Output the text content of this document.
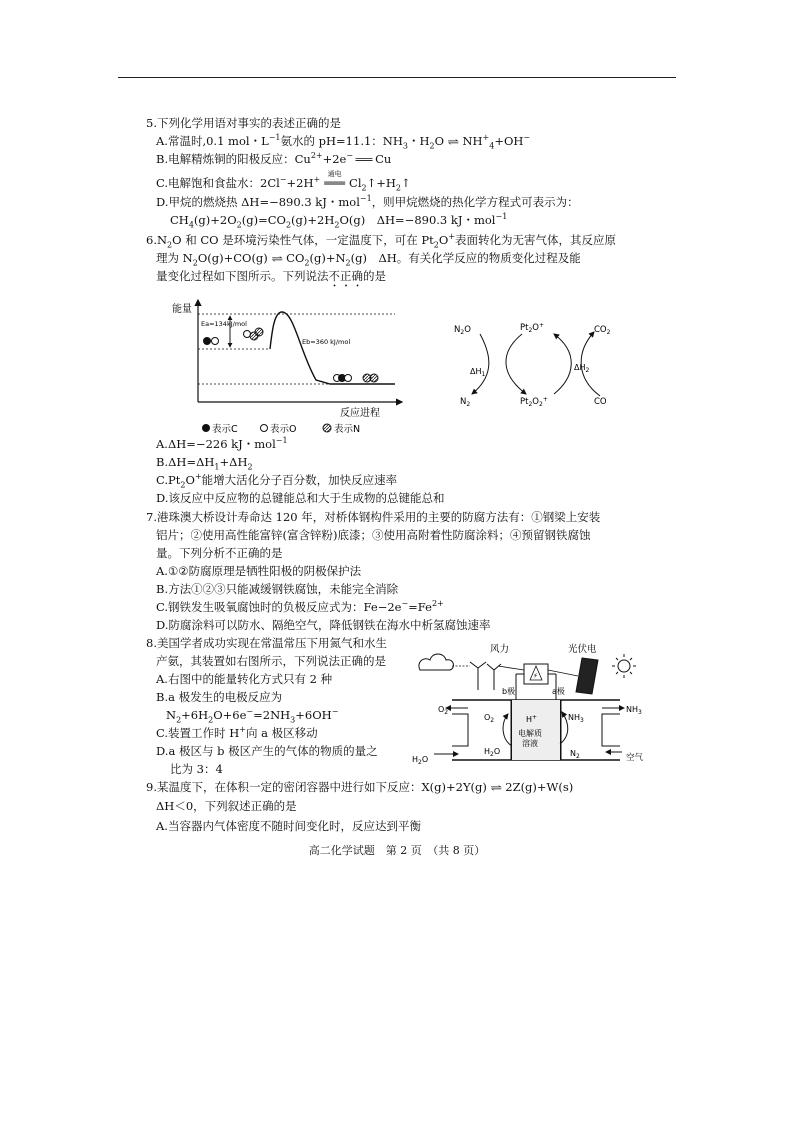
5.下列化学用语对事实的表述正确的是
A.常温时,0.1 mol・$L^{-1}$氨水的 pH=11.1：$NH_3$・$H_2O$ ⇌ $NH^+_4+OH^-$
B.电解精炼铜的阳极反应：$Cu^{2+}+2e^-$ ══ Cu
C.电解饱和食盐水：2Cl−+2H+
通电
═══ $Cl_2↑+H_2↑$
D.甲烷的燃烧热 ΔH=−890.3 kJ・mol$^{-1}$，则甲烷燃烧的热化学方程式可表示为：
$CH_4(g)+2O_2(g)=CO_2(g)+2H_2O(g)$　ΔH=−890.3 kJ・mol$^{-1}$
$6.N_2O$ 和 CO 是环境污染性气体，一定温度下，可在 $Pt_2O^+$表面转化为无害气体，其反应原
理为 $N_2O(g)+CO(g)$ ⇌ $CO_2(g)+N_2(g)$　ΔH。有关化学反应的物质变化过程及能
量变化过程如下图所示。下列说法不正确的是
能量
Ea=134kJ/mol
Eb=360 kJ/mol
反应进程
表示C	表示O	表示N
$N_2O$	$Pt_2O^+$	$CO_2$
$\Delta H_1$
$\Delta H_2$
$N_2$	$Pt_2O_2^+$	CO
A.ΔH=−226 kJ・mol$^{-1}$
$B.\Delta H=\Delta H_1+\Delta H_2$
$C.Pt_2O^+$能增大活化分子百分数，加快反应速率
D.该反应中反应物的总键能总和大于生成物的总键能总和
7.港珠澳大桥设计寿命达 120 年，对桥体钢构件采用的主要的防腐方法有：①钢梁上安装
铝片；②使用高性能富锌(富含锌粉)底漆；③使用高附着性防腐涂料；④预留钢铁腐蚀
量。下列分析不正确的是
A.①②防腐原理是牺牲阳极的阴极保护法
B.方法①②③只能减缓钢铁腐蚀，未能完全消除
C.钢铁发生吸氧腐蚀时的负极反应式为：$Fe-2e^-=Fe^{2+}$
D.防腐涂料可以防水、隔绝空气，降低钢铁在海水中析氢腐蚀速率
8.美国学者成功实现在常温常压下用氮气和水生
产氨，其装置如右图所示，下列说法正确的是
A.右图中的能量转化方式只有 2 种
B.a 极发生的电极反应为
$N_2+6H_2O+6e^-=2NH_3+6OH^-$
C.装置工作时 H+向 a 极区移动
D.a 极区与 b 极区产生的气体的物质的量之
比为 3：4
风力	光伏电
⚡
b极	a极
$O_2$
$O_2$	H+
电解质
溶液
$NH_3$
$NH_3$
$H_2O$
$H_2O$
$N_2$	空气
9.某温度下，在体积一定的密闭容器中进行如下反应：X(g)+2Y(g) ⇌ 2Z(g)+W(s)
ΔH＜0，下列叙述正确的是
A.当容器内气体密度不随时间变化时，反应达到平衡
高二化学试题　第 2 页　（共 8 页）
